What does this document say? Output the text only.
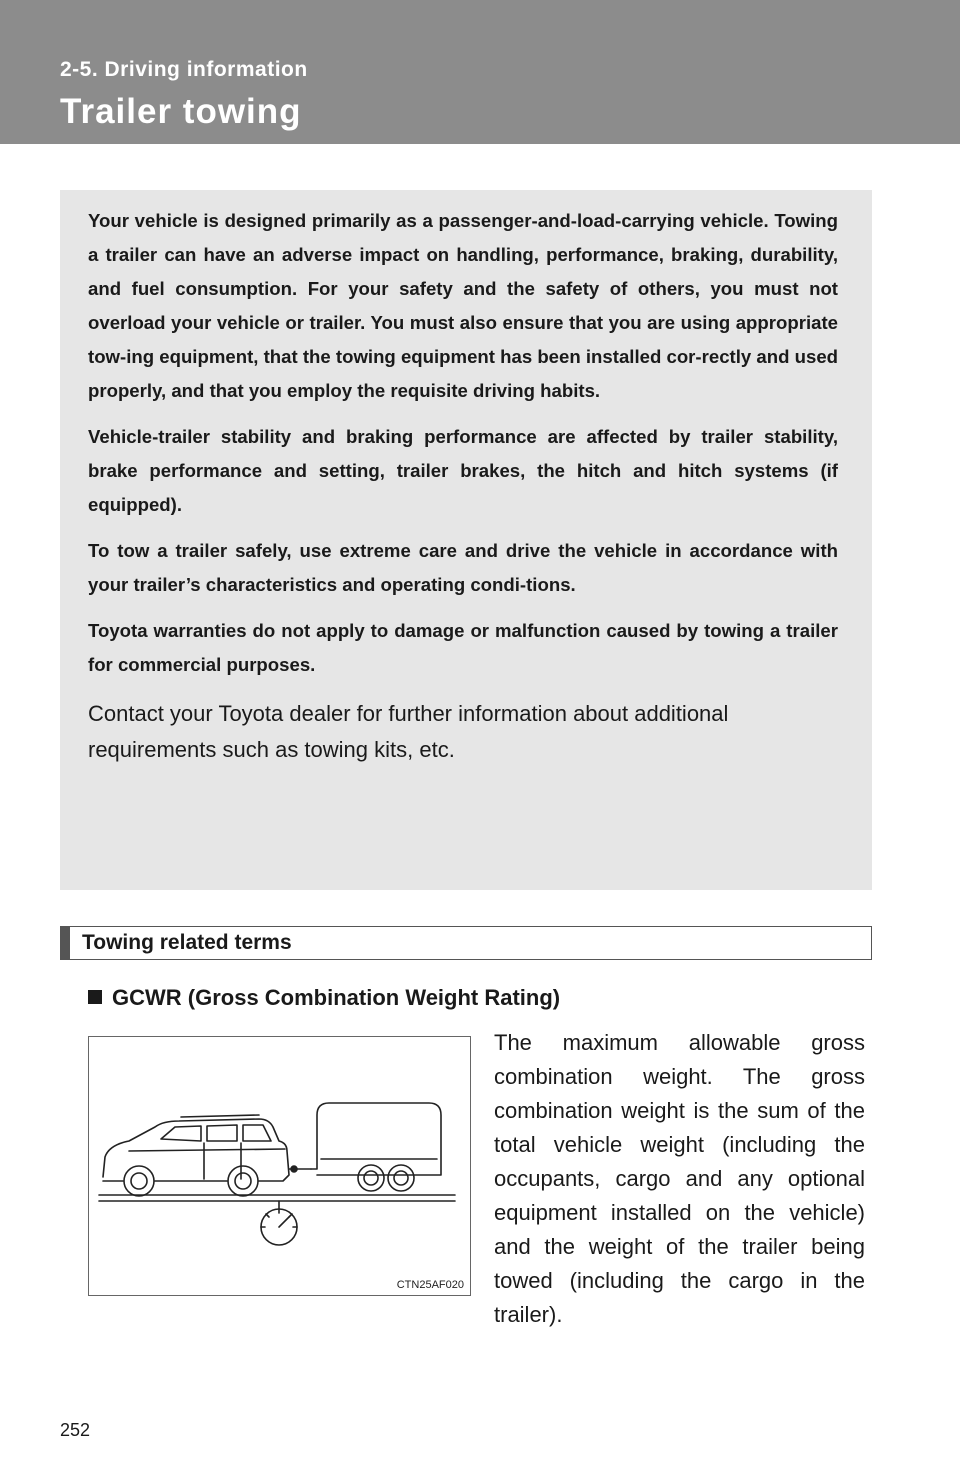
2-5. Driving information
Trailer towing

Your vehicle is designed primarily as a passenger-and-load-carrying vehicle. Towing a trailer can have an adverse impact on handling, performance, braking, durability, and fuel consumption. For your safety and the safety of others, you must not overload your vehicle or trailer. You must also ensure that you are using appropriate tow-ing equipment, that the towing equipment has been installed cor-rectly and used properly, and that you employ the requisite driving habits.

Vehicle-trailer stability and braking performance are affected by trailer stability, brake performance and setting, trailer brakes, the hitch and hitch systems (if equipped).

To tow a trailer safely, use extreme care and drive the vehicle in accordance with your trailer’s characteristics and operating condi-tions.

Toyota warranties do not apply to damage or malfunction caused by towing a trailer for commercial purposes.

Contact your Toyota dealer for further information about additional requirements such as towing kits, etc.

Towing related terms
GCWR (Gross Combination Weight Rating)
CTN25AF020
The maximum allowable gross combination weight. The gross combination weight is the sum of the total vehicle weight (including the occupants, cargo and any optional equipment installed on the vehicle) and the weight of the trailer being towed (including the cargo in the trailer).
252
